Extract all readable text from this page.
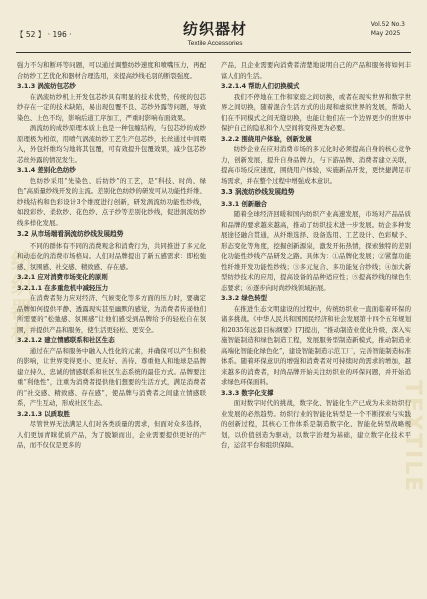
【 52 】 · 196 ·	纺织器材
Textile Accessories
Vol.52 No.3
May 2025
纺织器材
TEXTILE

强力不匀和断环等问题，可以通过调整纺纱速度和喷嘴压力，再配合纺纱工艺优化和器材合理选用，来提高纱线毛羽的断裂强度。

3.1.3 涡流纺包芯纱

在涡流纺纱机上开发包芯纱具有明显的技术优势，传统的包芯纱存在一定的技术缺陷，易出现包覆不良、芯纱外露等问题，导致染色、上色不均，影响后道工序加工，严重时影响布面效果。

涡流纺的成纱原理本质上也是一种包缠结构，与包芯纱的成纱原理极为相似，用喷气涡流纺纱工艺生产包芯纱，长丝通过中间喂入，外包纤维均匀地将其包覆，可有效提升包覆效果，减少包芯纱芯丝外露的情况发生。

3.1.4 差别化色纺纱

色纺纱采用“先染色、后纺纱”的工艺，是“科技、时尚、绿色”高质量纱线开发的主流。差别化色纺纱的研发可从功能性纤维、纱线结构和色彩设计3个维度进行创新，研发涡流纺功能性纱线，如段彩纱、柔软纱、花色纱、点子纱等差别化纱线，促进涡流纺纱线多样化发展。

3.2 从市场端看涡流纺纱线发展趋势

不同的群体有不同的消费观念和消费行为，共同推进了多元化和动态化的消费市场格局。人们对品牌提出了新五感需求：即松弛感、氛围感、社交感、精致感、存在感。

3.2.1 应对消费市场变化的原则
3.2.1.1 在多重危机中减轻压力

在消费者努力应对经济、气候变化等多方面的压力时，要确定品牌如何提供平静、透露现实甚至幽默的感觉，为消费者传递他们所需要的“松弛感、氛围感”让他们感受到品牌给予的轻松自在氛围，并提供产品和服务，使生活更轻松、更安全。

3.2.1.2 建立情感联系和社区生态

通过在产品和服务中融入人性化的元素，并确保可以产生积极的影响，让世界变得更小、更友好、善待、尊重他人和地球是品牌建立持久、忠诚的情感联系和社区生态系统的最佳方式。品牌要注重“利他性”，注重为消费者提供他们想要的生活方式，满足消费者的“社交感、精致感、存在感”，使品牌与消费者之间建立情感联系，产生互动，形成社区生态。

3.2.1.3 以质取胜

尽管世界无法满足人们对各类质量的需求，但面对众多选择，人们更加青睐优质产品，为了脱颖而出，企业需要提供更好的产品，而不仅仅是更多的

产品，且企业需要向消费者清楚地说明自己的产品和服务将如何丰富人们的生活。

3.2.1.4 帮助人们切换模式

我们不停地在工作和家庭之间切换，或者在现实世界和数字世界之间切换，随着混合生活方式的出现和虚拟世界的发展，帮助人们在不同模式之间无缝切换，也能让他们在一个边界更少的世界中保护自己的隐私和个人空间将变得更为必要。

3.2.2 围绕用户体验，创新发展

纺纱企业在应对消费市场的多元化时必须提高自身的核心竞争力，创新发展，提升自身品牌力，与下游品牌、消费者建立关联，提高市场反应速度，围绕用户体验，实施新品开发，更快捷满足市场需求，并在整个过程中增强成本意识。

3.3 涡流纺纱线发展趋势
3.3.1 创新融合

随着全球经济回暖和国内纺织产业高速发展，市场对产品品质和品牌的要求越来越高，推动了纺织技术进一步发展。纺企多种发展途径融合贯通，从纤维选择、设备选用、工艺设计、色彩赋予、形态变化等角度，挖掘创新源泉，激发开拓热情，探索独特的差别化功能性纱线产品研发之路。具体为：①品牌化发展；②紧靠功能性纤维开发功能性纱线；③多元复合、多功能复合纱线；④加大新型纺纱技术的应用，提高设备的品种适应性；⑤提高纱线的绿色生态要求；⑥逐步向时尚纱线领域拓展。

3.3.2 绿色转型

在推进生态文明建设的过程中，传统纺织业一直面临着环保的诸多挑战。《中华人民共和国国民经济和社会发展第十四个五年规划和2035年远景目标纲要》[7]提出，“推动制造业优化升级，深入实施智能制造和绿色制造工程，发展服务型制造新模式，推动制造业高端化智能化绿色化”，建设智能制造示范工厂，完善智能制造标准体系。随着环保意识的增强和消费者对可持续时尚需求的增加，越来越多的消费者，时尚品牌开始关注纺织业的环保问题，并开始追求绿色环保面料。

3.3.3 数字化支撑

面对数字时代的挑战，数字化、智能化生产已成为未来纺织行业发展的必然趋势。纺织行业的智能化转型是一个不断探索与实践的创新过程，其核心工作体系是制造数字化、智能化转型战略规划，以价值创造为驱动，以数字治理为基础，建立数字化技术平台，运营平台和组织保障。
